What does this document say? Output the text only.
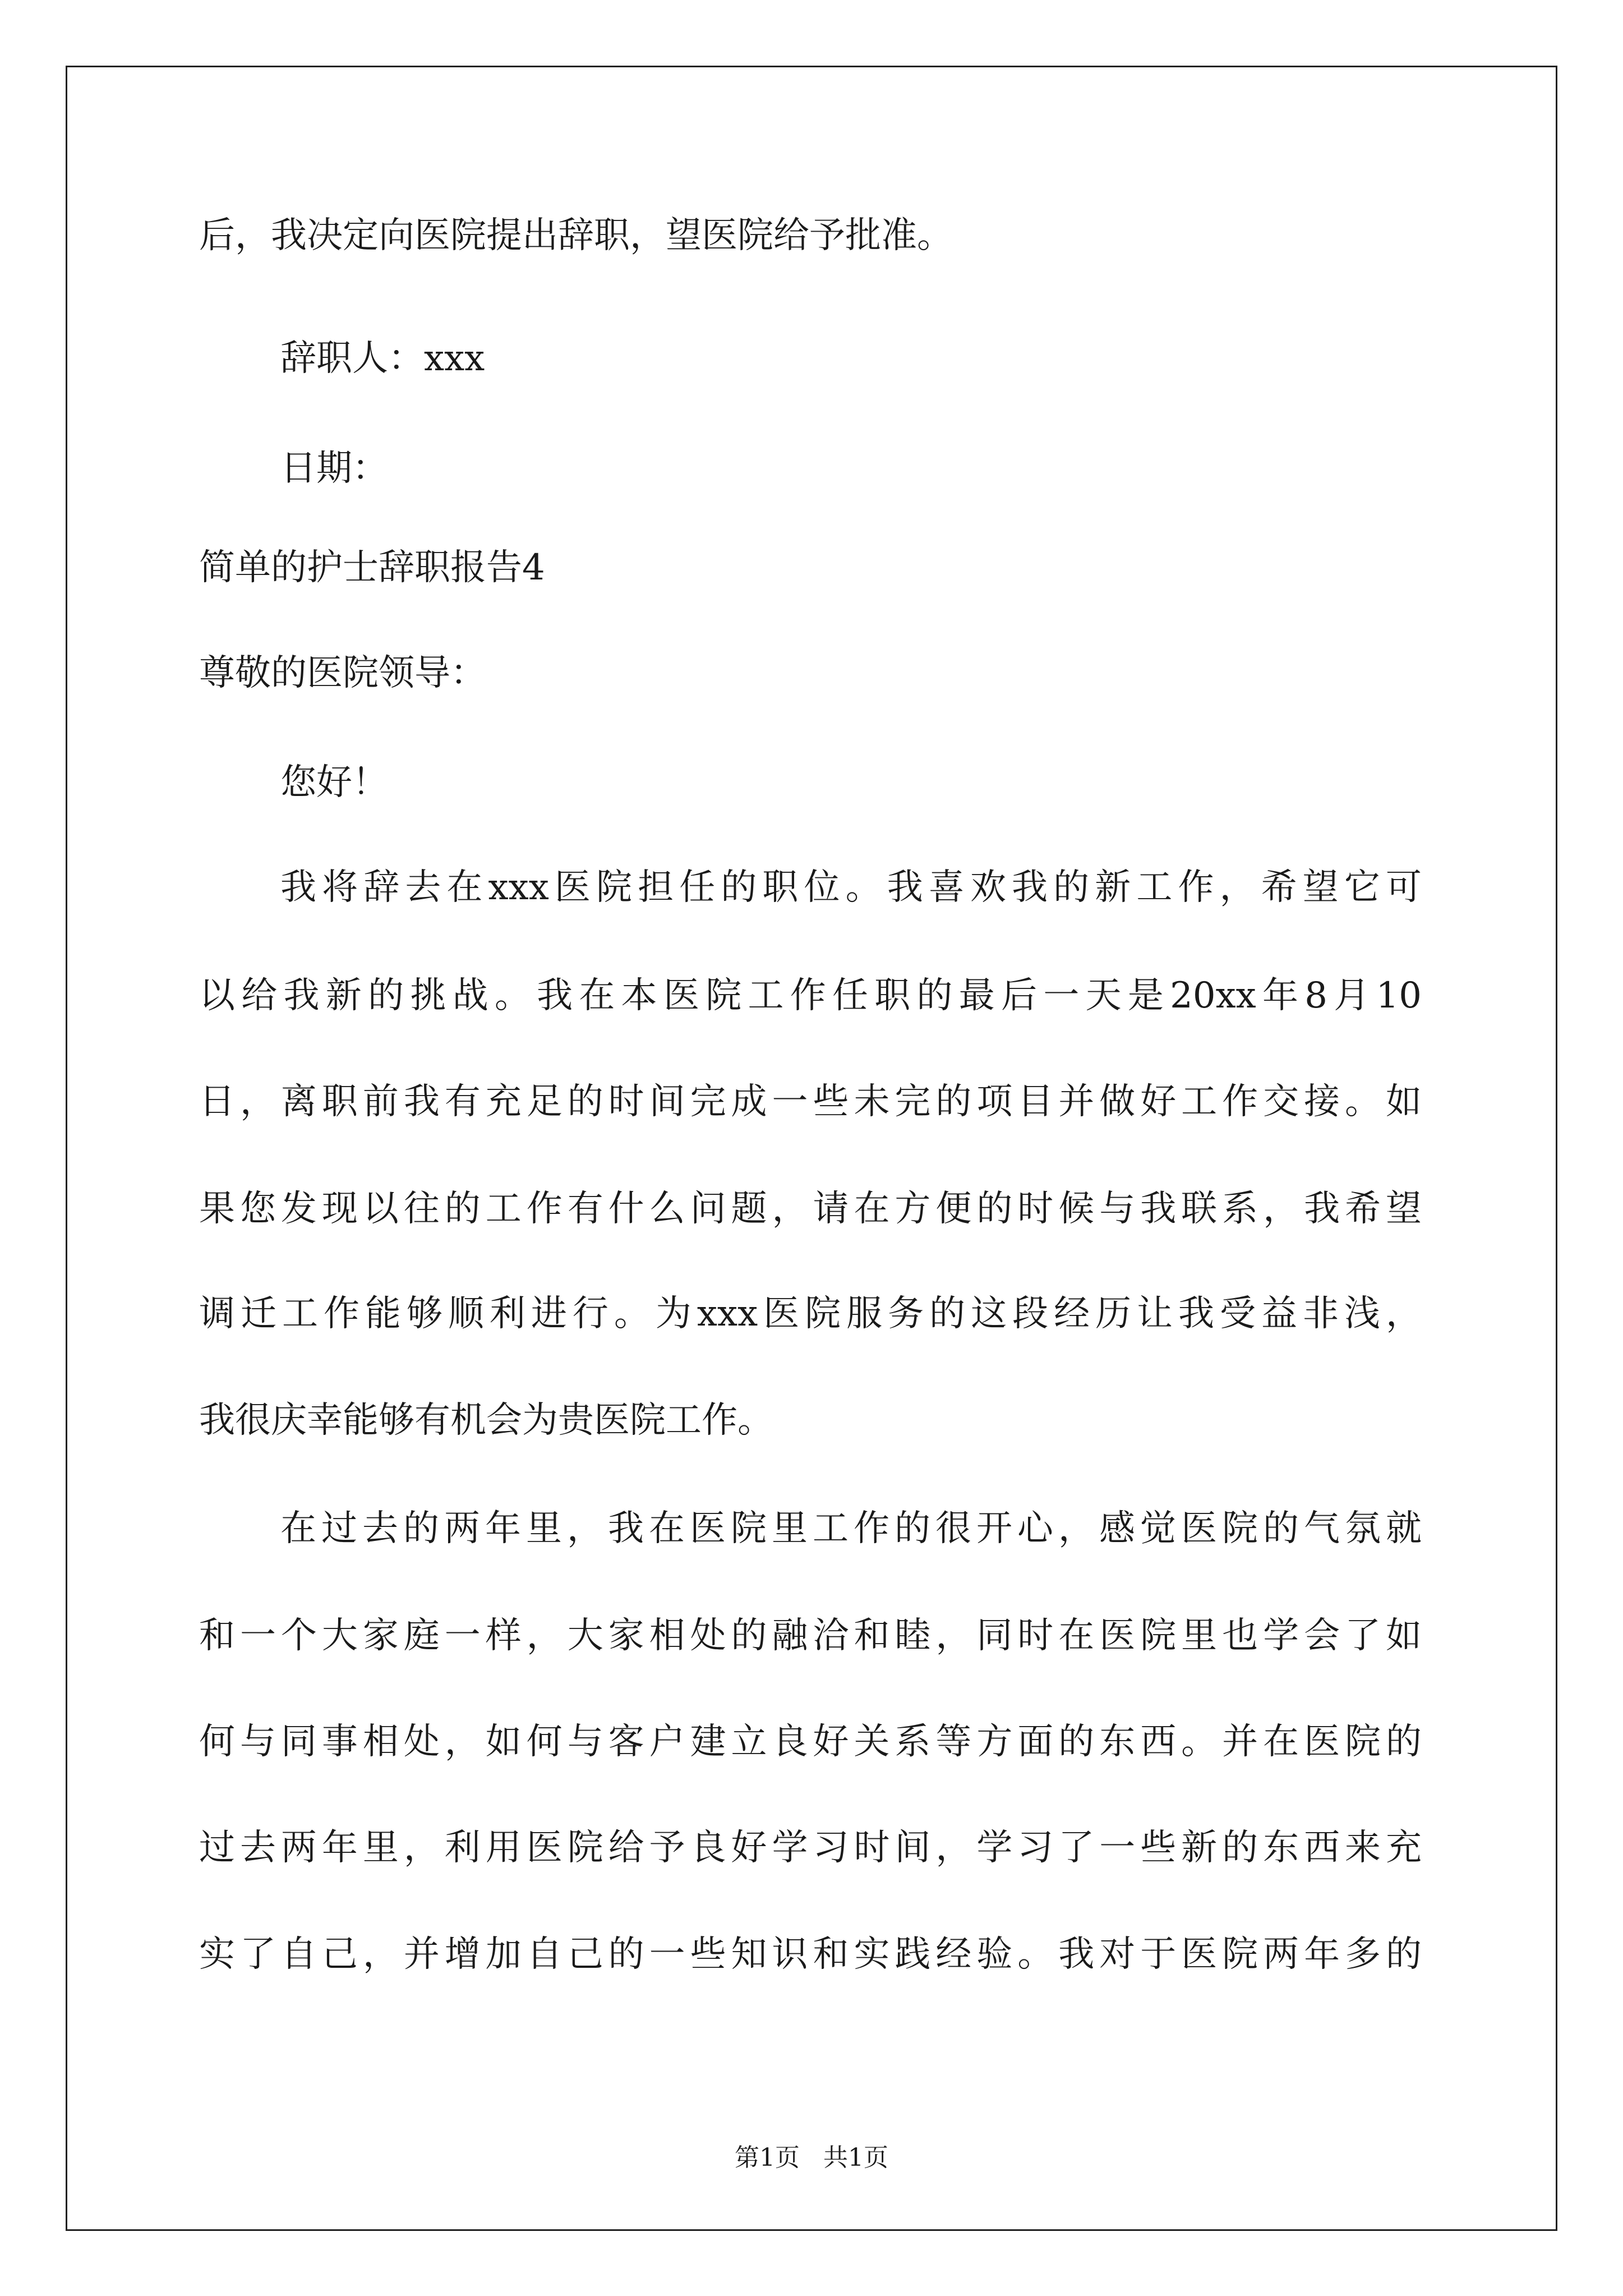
后，我决定向医院提出辞职，望医院给予批准。
辞职人：xxx
日期：
简单的护士辞职报告4
尊敬的医院领导：
您好！
我将辞去在xxx医院担任的职位。我喜欢我的新工作，希望它可
以给我新的挑战。我在本医院工作任职的最后一天是20xx年8月10
日，离职前我有充足的时间完成一些未完的项目并做好工作交接。如
果您发现以往的工作有什么问题，请在方便的时候与我联系，我希望
调迁工作能够顺利进行。为xxx医院服务的这段经历让我受益非浅，
我很庆幸能够有机会为贵医院工作。
在过去的两年里，我在医院里工作的很开心，感觉医院的气氛就
和一个大家庭一样，大家相处的融洽和睦，同时在医院里也学会了如
何与同事相处，如何与客户建立良好关系等方面的东西。并在医院的
过去两年里，利用医院给予良好学习时间，学习了一些新的东西来充
实了自己，并增加自己的一些知识和实践经验。我对于医院两年多的
第1页   共1页
